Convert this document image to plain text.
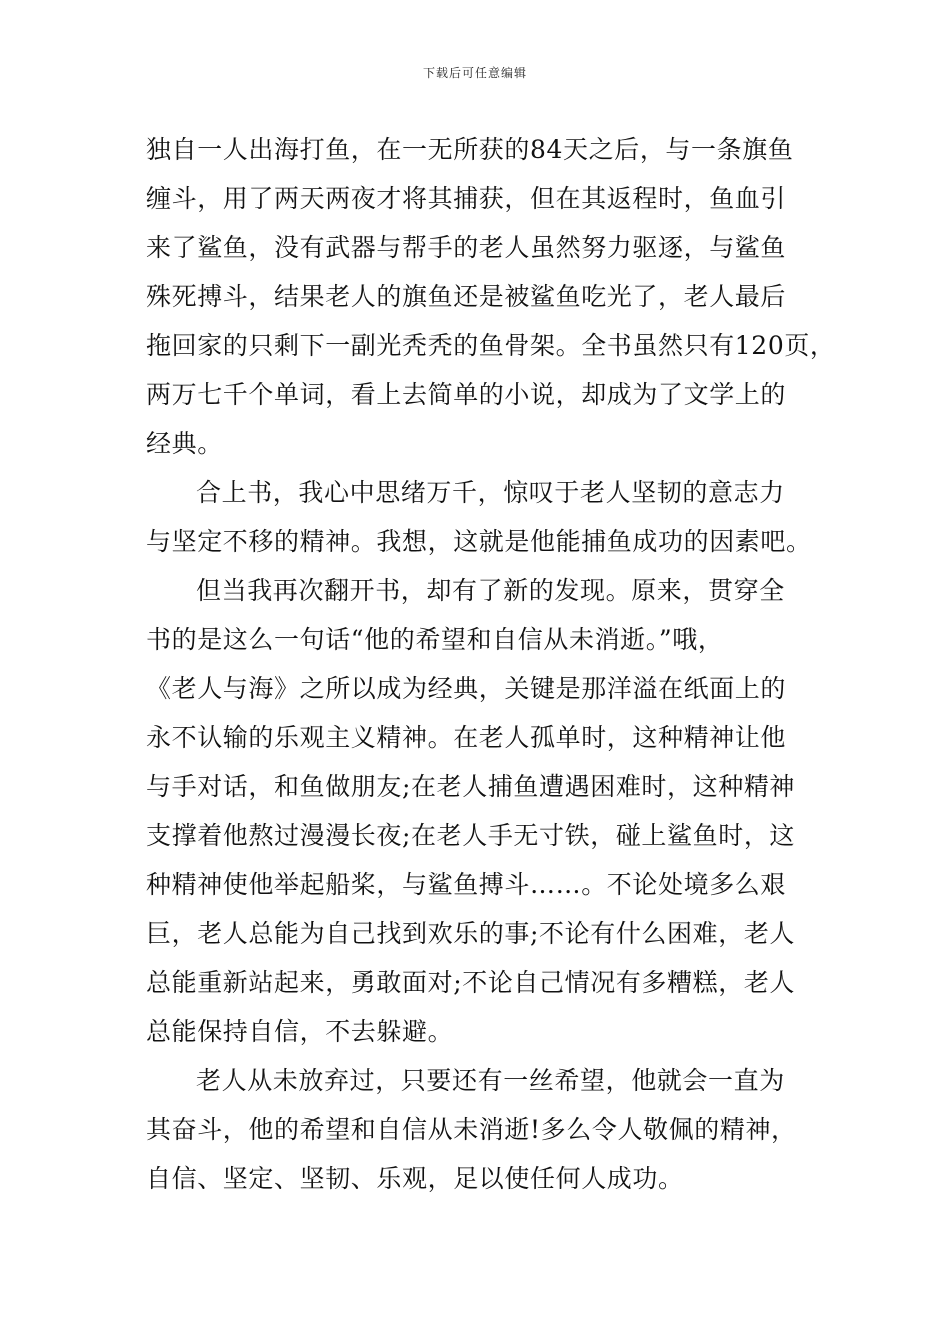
下载后可任意编辑
独自一人出海打鱼，在一无所获的84天之后，与一条旗鱼
缠斗，用了两天两夜才将其捕获，但在其返程时，鱼血引
来了鲨鱼，没有武器与帮手的老人虽然努力驱逐，与鲨鱼
殊死搏斗，结果老人的旗鱼还是被鲨鱼吃光了，老人最后
拖回家的只剩下一副光秃秃的鱼骨架。全书虽然只有120页，
两万七千个单词，看上去简单的小说，却成为了文学上的
经典。
合上书，我心中思绪万千，惊叹于老人坚韧的意志力
与坚定不移的精神。我想，这就是他能捕鱼成功的因素吧。
但当我再次翻开书，却有了新的发现。原来，贯穿全
书的是这么一句话“他的希望和自信从未消逝。”哦，
《老人与海》之所以成为经典，关键是那洋溢在纸面上的
永不认输的乐观主义精神。在老人孤单时，这种精神让他
与手对话，和鱼做朋友;在老人捕鱼遭遇困难时，这种精神
支撑着他熬过漫漫长夜;在老人手无寸铁，碰上鲨鱼时，这
种精神使他举起船桨，与鲨鱼搏斗……。不论处境多么艰
巨，老人总能为自己找到欢乐的事;不论有什么困难，老人
总能重新站起来，勇敢面对;不论自己情况有多糟糕，老人
总能保持自信，不去躲避。
老人从未放弃过，只要还有一丝希望，他就会一直为
其奋斗，他的希望和自信从未消逝!多么令人敬佩的精神，
自信、坚定、坚韧、乐观，足以使任何人成功。
